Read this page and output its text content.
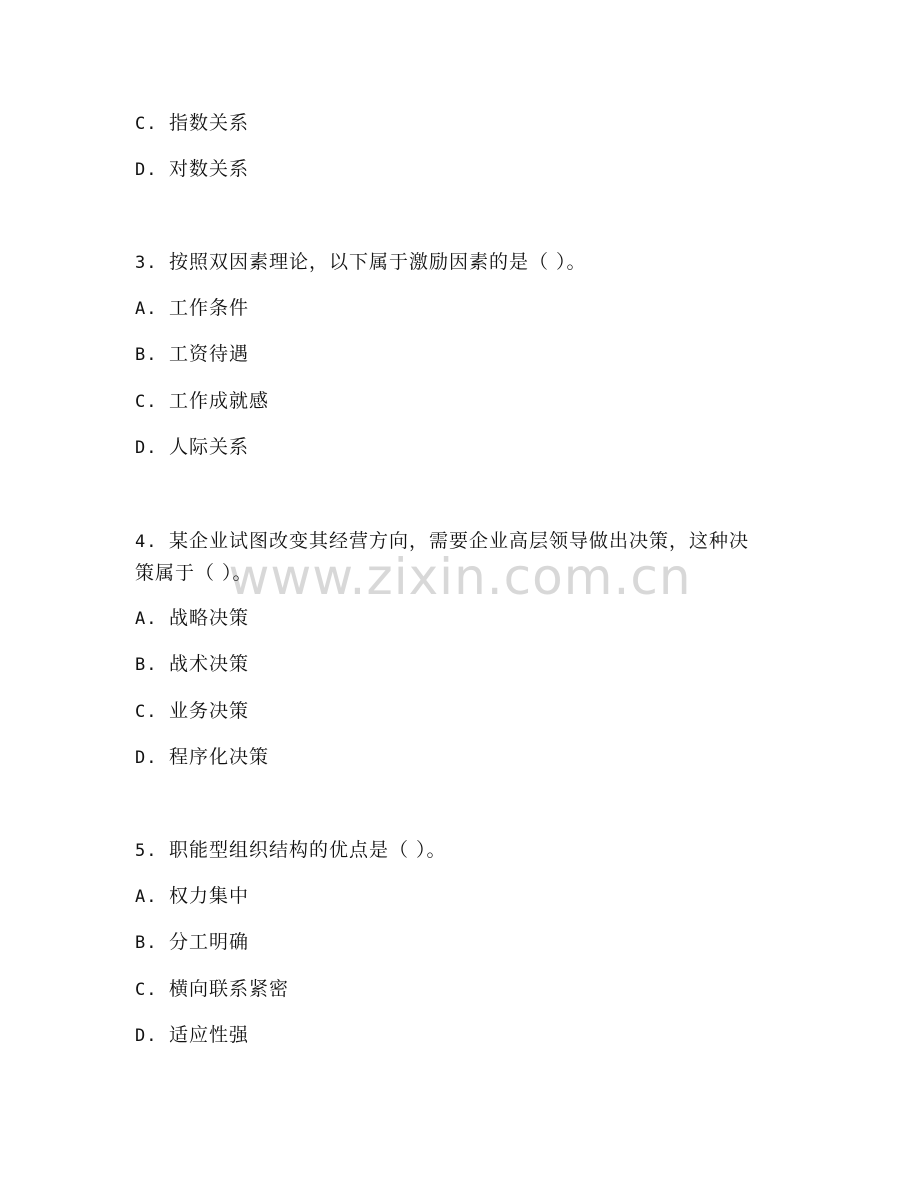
www.zixin.com.cn
C. 指数关系
D. 对数关系
3. 按照双因素理论，以下属于激励因素的是（ ）。
A. 工作条件
B. 工资待遇
C. 工作成就感
D. 人际关系
4. 某企业试图改变其经营方向，需要企业高层领导做出决策，这种决
策属于（ ）。
A. 战略决策
B. 战术决策
C. 业务决策
D. 程序化决策
5. 职能型组织结构的优点是（ ）。
A. 权力集中
B. 分工明确
C. 横向联系紧密
D. 适应性强
